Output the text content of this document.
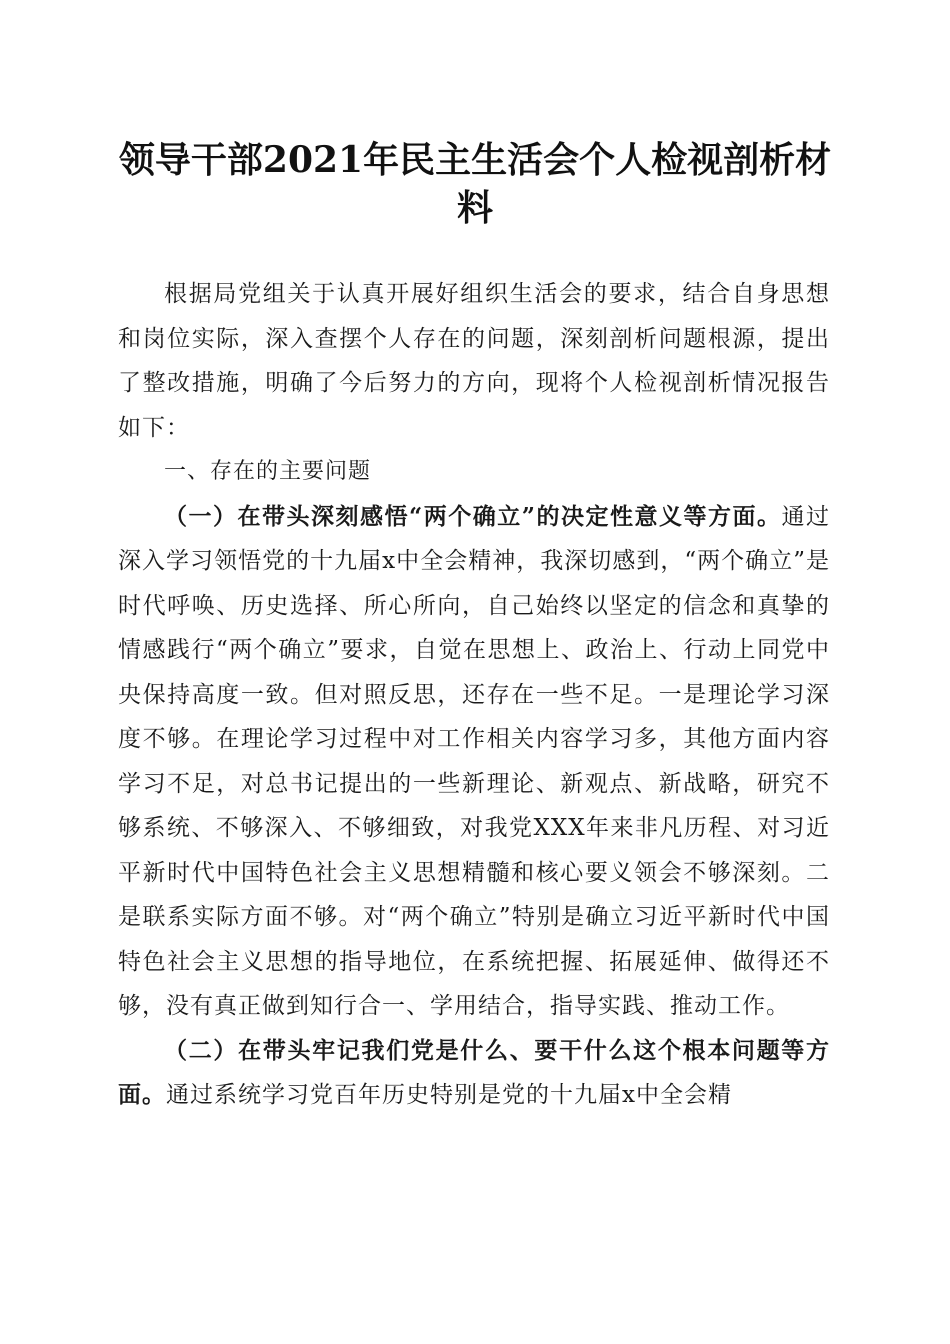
领导干部2021年民主生活会个人检视剖析材料

根据局党组关于认真开展好组织生活会的要求，结合自身思想和岗位实际，深入查摆个人存在的问题，深刻剖析问题根源，提出了整改措施，明确了今后努力的方向，现将个人检视剖析情况报告如下：

一、存在的主要问题

（一）在带头深刻感悟“两个确立”的决定性意义等方面。通过深入学习领悟党的十九届x中全会精神，我深切感到，“两个确立”是时代呼唤、历史选择、所心所向，自己始终以坚定的信念和真挚的情感践行“两个确立”要求，自觉在思想上、政治上、行动上同党中央保持高度一致。但对照反思，还存在一些不足。一是理论学习深度不够。在理论学习过程中对工作相关内容学习多，其他方面内容学习不足，对总书记提出的一些新理论、新观点、新战略，研究不够系统、不够深入、不够细致，对我党XXX年来非凡历程、对习近平新时代中国特色社会主义思想精髓和核心要义领会不够深刻。二是联系实际方面不够。对“两个确立”特别是确立习近平新时代中国特色社会主义思想的指导地位，在系统把握、拓展延伸、做得还不够，没有真正做到知行合一、学用结合，指导实践、推动工作。

（二）在带头牢记我们党是什么、要干什么这个根本问题等方面。通过系统学习党百年历史特别是党的十九届x中全会精
